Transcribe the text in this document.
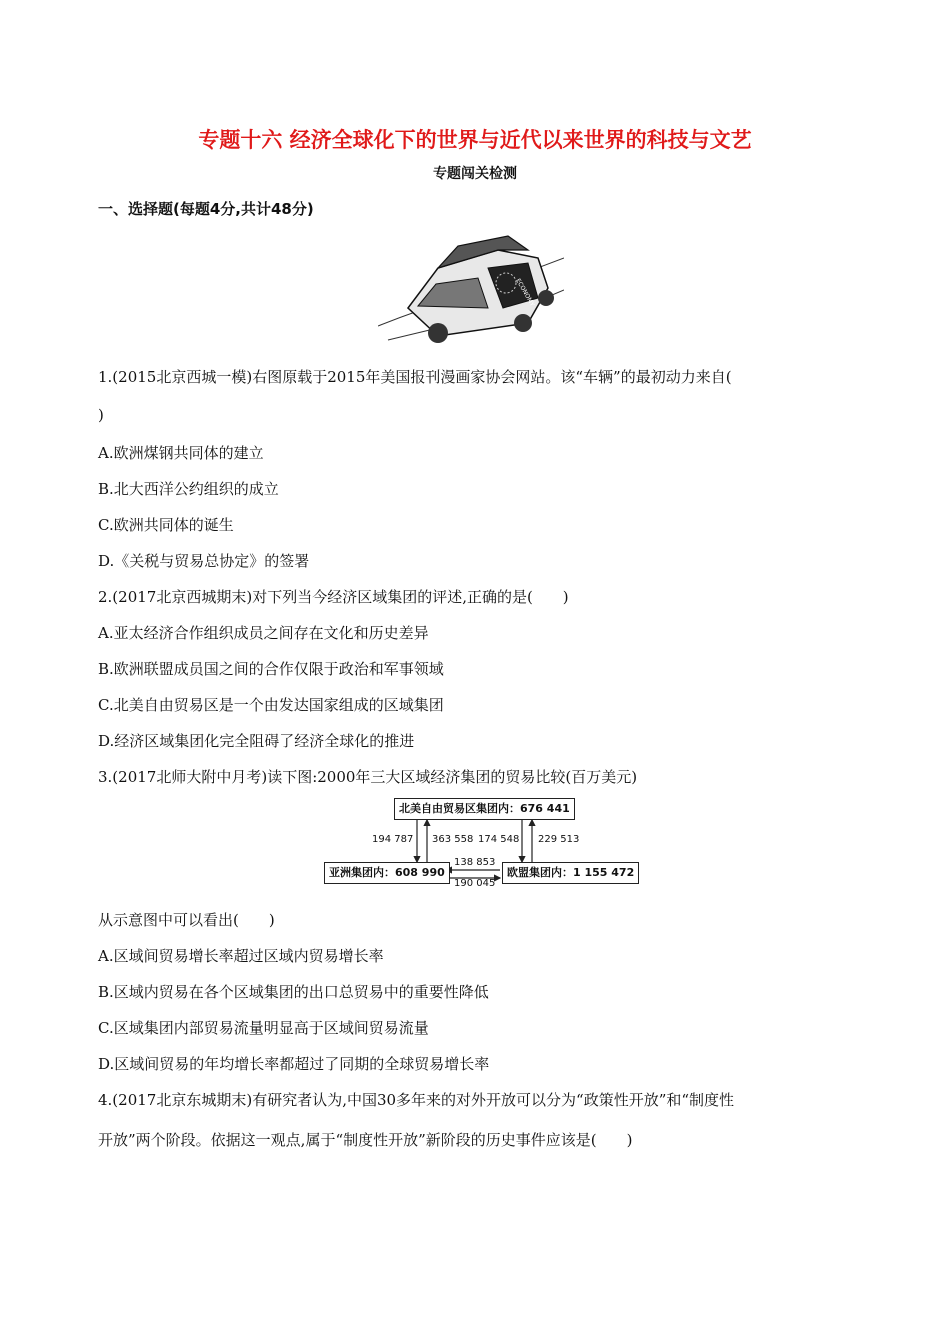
专题十六 经济全球化下的世界与近代以来世界的科技与文艺
专题闯关检测
一、选择题(每题4分,共计48分)
ECONOMY
1.(2015北京西城一模)右图原载于2015年美国报刊漫画家协会网站。该“车辆”的最初动力来自(
)
A.欧洲煤钢共同体的建立
B.北大西洋公约组织的成立
C.欧洲共同体的诞生
D.《关税与贸易总协定》的签署
2.(2017北京西城期末)对下列当今经济区域集团的评述,正确的是(　　)
A.亚太经济合作组织成员之间存在文化和历史差异
B.欧洲联盟成员国之间的合作仅限于政治和军事领域
C.北美自由贸易区是一个由发达国家组成的区域集团
D.经济区域集团化完全阻碍了经济全球化的推进
3.(2017北师大附中月考)读下图:2000年三大区域经济集团的贸易比较(百万美元)
北美自由贸易区集团内：676 441
亚洲集团内：608 990	欧盟集团内：1 155 472
194 787 363 558 174 548 229 513
138 853
190 045
从示意图中可以看出(　　)
A.区域间贸易增长率超过区域内贸易增长率
B.区域内贸易在各个区域集团的出口总贸易中的重要性降低
C.区域集团内部贸易流量明显高于区域间贸易流量
D.区域间贸易的年均增长率都超过了同期的全球贸易增长率
4.(2017北京东城期末)有研究者认为,中国30多年来的对外开放可以分为“政策性开放”和“制度性
开放”两个阶段。依据这一观点,属于“制度性开放”新阶段的历史事件应该是(　　)
